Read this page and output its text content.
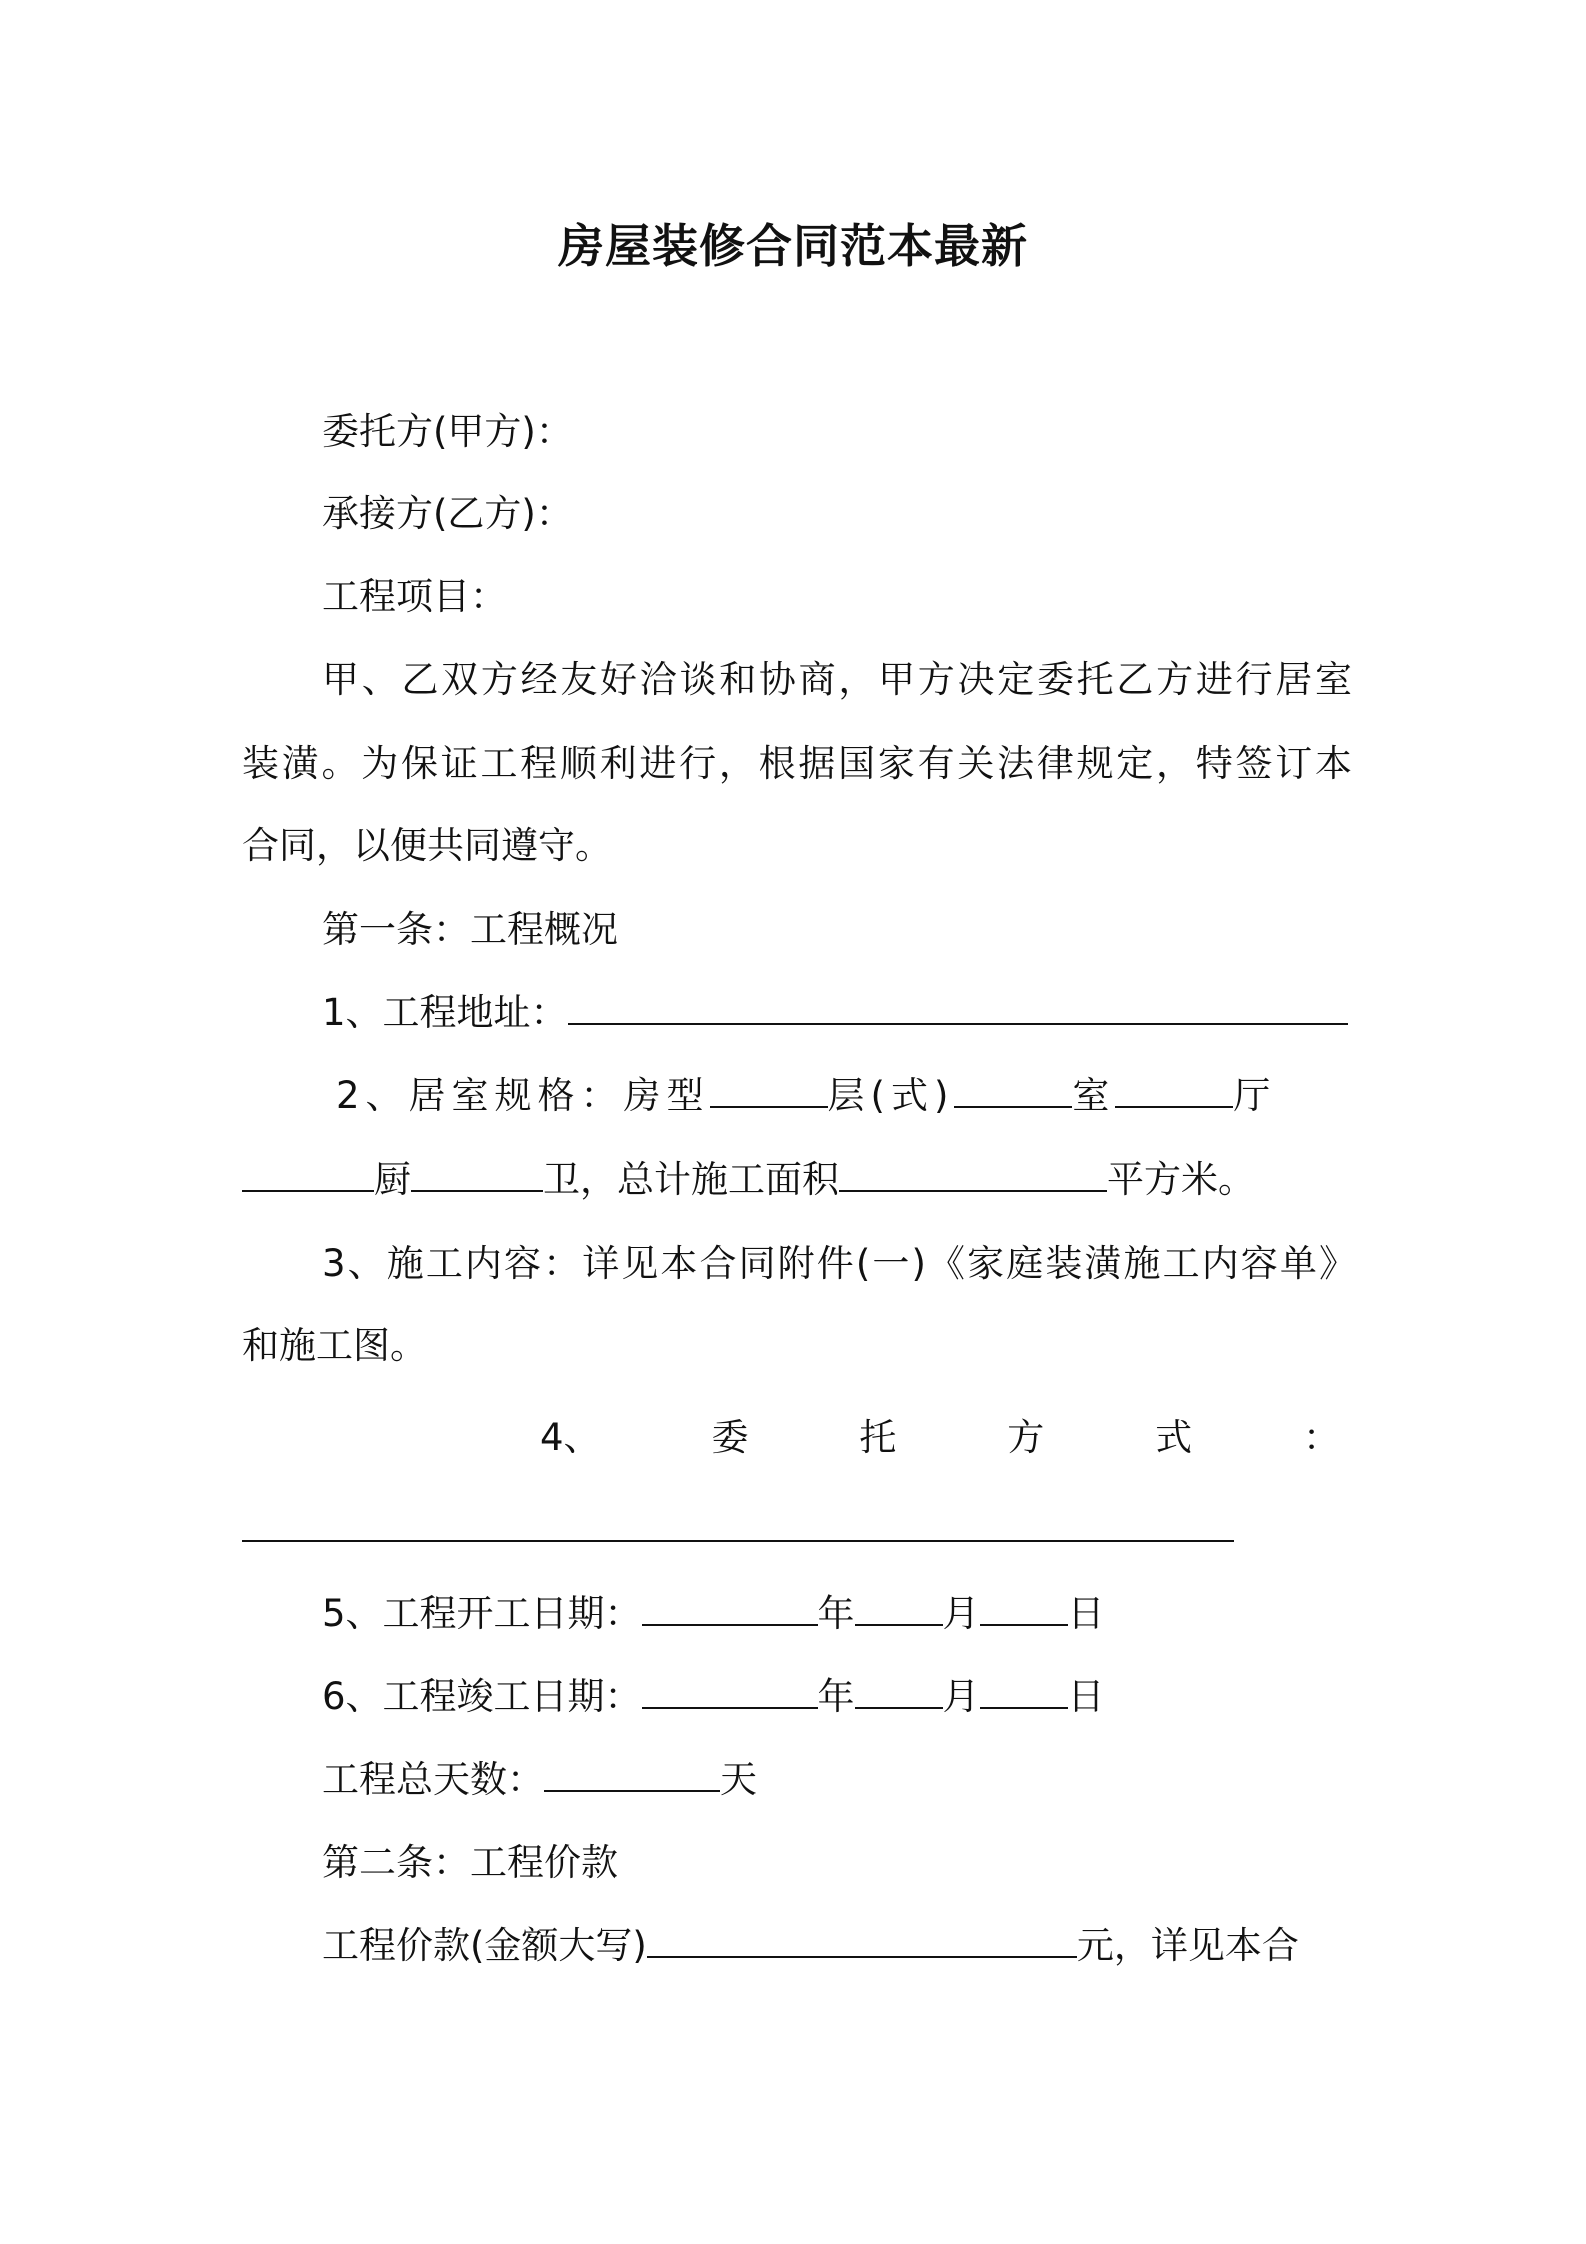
房屋装修合同范本最新
委托方(甲方)：
承接方(乙方)：
工程项目：
甲、乙双方经友好洽谈和协商，甲方决定委托乙方进行居室
装潢。为保证工程顺利进行，根据国家有关法律规定，特签订本
合同，以便共同遵守。
第一条：工程概况
1、工程地址：
2、居室规格：房型	层(式)	室	厅
厨	卫，总计施工面积	平方米。
3、施工内容：详见本合同附件(一)《家庭装潢施工内容单》
和施工图。
4、	委	托	方	式	：
5、工程开工日期：	年 月 日
6、工程竣工日期：	年 月 日
工程总天数：	天
第二条：工程价款
工程价款(金额大写)	元，详见本合
